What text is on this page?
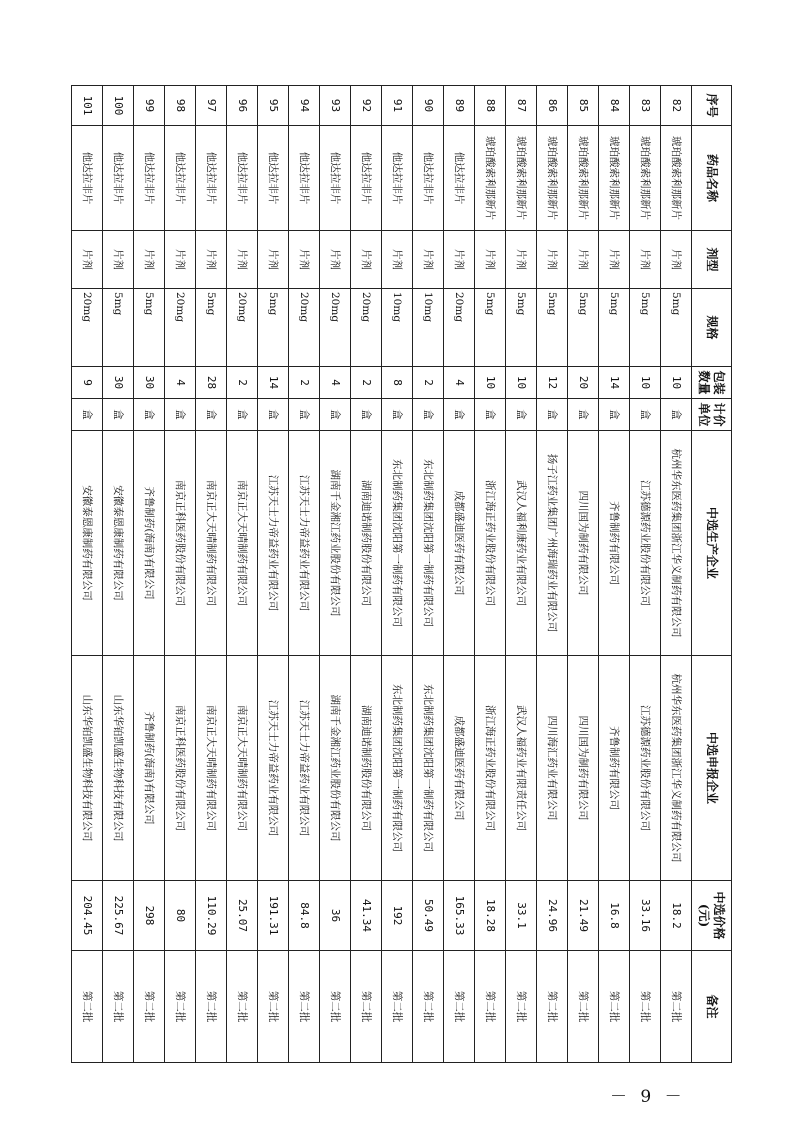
序号	药品名称	剂型	规格	包装数量	计价单位	中选生产企业	中选申报企业	中选价格(元)	备注
82	琥珀酸索利那新片	片剂	5mg	10	盒	杭州华东医药集团浙江华义制药有限公司	杭州华东医药集团浙江华义制药有限公司	18.2	第二批
83	琥珀酸索利那新片	片剂	5mg	10	盒	江苏德源药业股份有限公司	江苏德源药业股份有限公司	33.16	第二批
84	琥珀酸索利那新片	片剂	5mg	14	盒	齐鲁制药有限公司	齐鲁制药有限公司	16.8	第二批
85	琥珀酸索利那新片	片剂	5mg	20	盒	四川国为制药有限公司	四川国为制药有限公司	21.49	第二批
86	琥珀酸索利那新片	片剂	5mg	12	盒	扬子江药业集团广州海瑞药业有限公司	四川海汇药业有限公司	24.96	第二批
87	琥珀酸索利那新片	片剂	5mg	10	盒	武汉人福利康药业有限公司	武汉人福药业有限责任公司	33.1	第二批
88	琥珀酸索利那新片	片剂	5mg	10	盒	浙江海正药业股份有限公司	浙江海正药业股份有限公司	18.28	第二批
89	他达拉非片	片剂	20mg	4	盒	成都盛迪医药有限公司	成都盛迪医药有限公司	165.33	第二批
90	他达拉非片	片剂	10mg	2	盒	东北制药集团沈阳第一制药有限公司	东北制药集团沈阳第一制药有限公司	50.49	第二批
91	他达拉非片	片剂	10mg	8	盒	东北制药集团沈阳第一制药有限公司	东北制药集团沈阳第一制药有限公司	192	第二批
92	他达拉非片	片剂	20mg	2	盒	湖南迪诺制药股份有限公司	湖南迪诺制药股份有限公司	41.34	第二批
93	他达拉非片	片剂	20mg	4	盒	湖南千金湘江药业股份有限公司	湖南千金湘江药业股份有限公司	36	第二批
94	他达拉非片	片剂	20mg	2	盒	江苏天士力帝益药业有限公司	江苏天士力帝益药业有限公司	84.8	第二批
95	他达拉非片	片剂	5mg	14	盒	江苏天士力帝益药业有限公司	江苏天士力帝益药业有限公司	191.31	第二批
96	他达拉非片	片剂	20mg	2	盒	南京正大天晴制药有限公司	南京正大天晴制药有限公司	25.07	第二批
97	他达拉非片	片剂	5mg	28	盒	南京正大天晴制药有限公司	南京正大天晴制药有限公司	110.29	第二批
98	他达拉非片	片剂	20mg	4	盒	南京正科医药股份有限公司	南京正科医药股份有限公司	80	第二批
99	他达拉非片	片剂	5mg	30	盒	齐鲁制药(海南)有限公司	齐鲁制药(海南)有限公司	298	第二批
100	他达拉非片	片剂	5mg	30	盒	安徽泰恩康制药有限公司	山东华铂凯盛生物科技有限公司	225.67	第二批
101	他达拉非片	片剂	20mg	9	盒	安徽泰恩康制药有限公司	山东华铂凯盛生物科技有限公司	204.45	第二批
－ 9 －
